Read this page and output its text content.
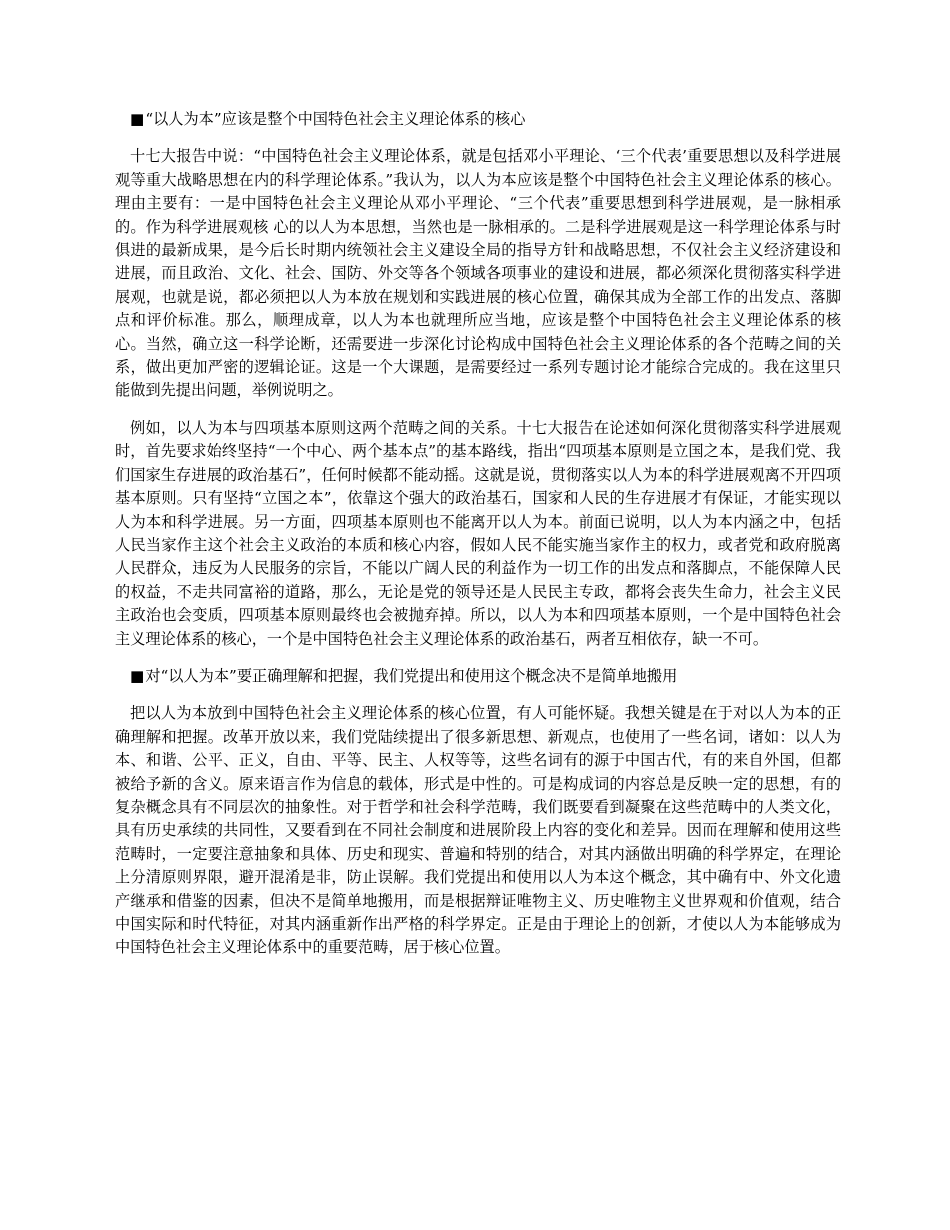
■“以人为本”应该是整个中国特色社会主义理论体系的核心

十七大报告中说：“中国特色社会主义理论体系，就是包括邓小平理论、‘三个代表’重要思想以及科学进展观等重大战略思想在内的科学理论体系。”我认为，以人为本应该是整个中国特色社会主义理论体系的核心。理由主要有：一是中国特色社会主义理论从邓小平理论、“三个代表”重要思想到科学进展观，是一脉相承的。作为科学进展观核 心的以人为本思想，当然也是一脉相承的。二是科学进展观是这一科学理论体系与时俱进的最新成果，是今后长时期内统领社会主义建设全局的指导方针和战略思想，不仅社会主义经济建设和进展，而且政治、文化、社会、国防、外交等各个领域各项事业的建设和进展，都必须深化贯彻落实科学进展观，也就是说，都必须把以人为本放在规划和实践进展的核心位置，确保其成为全部工作的出发点、落脚点和评价标准。那么，顺理成章，以人为本也就理所应当地，应该是整个中国特色社会主义理论体系的核心。当然，确立这一科学论断，还需要进一步深化讨论构成中国特色社会主义理论体系的各个范畴之间的关系，做出更加严密的逻辑论证。这是一个大课题，是需要经过一系列专题讨论才能综合完成的。我在这里只能做到先提出问题，举例说明之。

例如，以人为本与四项基本原则这两个范畴之间的关系。十七大报告在论述如何深化贯彻落实科学进展观时，首先要求始终坚持“一个中心、两个基本点”的基本路线，指出“四项基本原则是立国之本，是我们党、我们国家生存进展的政治基石”，任何时候都不能动摇。这就是说，贯彻落实以人为本的科学进展观离不开四项基本原则。只有坚持“立国之本”，依靠这个强大的政治基石，国家和人民的生存进展才有保证，才能实现以人为本和科学进展。另一方面，四项基本原则也不能离开以人为本。前面已说明，以人为本内涵之中，包括人民当家作主这个社会主义政治的本质和核心内容，假如人民不能实施当家作主的权力，或者党和政府脱离人民群众，违反为人民服务的宗旨，不能以广阔人民的利益作为一切工作的出发点和落脚点，不能保障人民的权益，不走共同富裕的道路，那么，无论是党的领导还是人民民主专政，都将会丧失生命力，社会主义民主政治也会变质，四项基本原则最终也会被抛弃掉。所以，以人为本和四项基本原则，一个是中国特色社会主义理论体系的核心，一个是中国特色社会主义理论体系的政治基石，两者互相依存，缺一不可。

■对“以人为本”要正确理解和把握，我们党提出和使用这个概念决不是简单地搬用

把以人为本放到中国特色社会主义理论体系的核心位置，有人可能怀疑。我想关键是在于对以人为本的正确理解和把握。改革开放以来，我们党陆续提出了很多新思想、新观点，也使用了一些名词，诸如：以人为本、和谐、公平、正义，自由、平等、民主、人权等等，这些名词有的源于中国古代，有的来自外国，但都被给予新的含义。原来语言作为信息的载体，形式是中性的。可是构成词的内容总是反映一定的思想，有的复杂概念具有不同层次的抽象性。对于哲学和社会科学范畴，我们既要看到凝聚在这些范畴中的人类文化，具有历史承续的共同性，又要看到在不同社会制度和进展阶段上内容的变化和差异。因而在理解和使用这些范畴时，一定要注意抽象和具体、历史和现实、普遍和特别的结合，对其内涵做出明确的科学界定，在理论上分清原则界限，避开混淆是非，防止误解。我们党提出和使用以人为本这个概念，其中确有中、外文化遗产继承和借鉴的因素，但决不是简单地搬用，而是根据辩证唯物主义、历史唯物主义世界观和价值观，结合中国实际和时代特征，对其内涵重新作出严格的科学界定。正是由于理论上的创新，才使以人为本能够成为中国特色社会主义理论体系中的重要范畴，居于核心位置。
